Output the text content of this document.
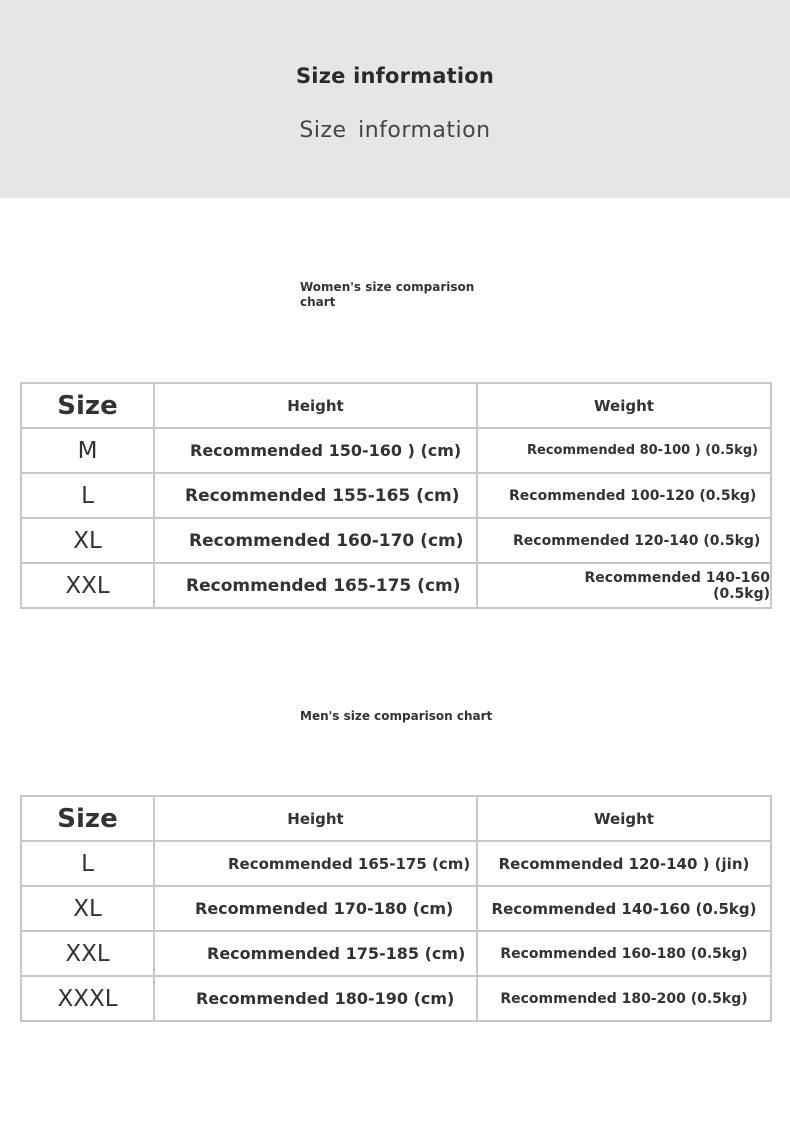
Size information
Size information
Women's size comparison chart
Size	Height	Weight
M	Recommended 150-160 ) (cm)	Recommended 80-100 ) (0.5kg)
L	Recommended 155-165 (cm)	Recommended 100-120 (0.5kg)
XL	Recommended 160-170 (cm)	Recommended 120-140 (0.5kg)
XXL	Recommended 165-175 (cm)	Recommended 140-160
(0.5kg)
Men's size comparison chart
Size	Height	Weight
L	Recommended 165-175 (cm)	Recommended 120-140 ) (jin)
XL	Recommended 170-180 (cm)	Recommended 140-160 (0.5kg)
XXL	Recommended 175-185 (cm)	Recommended 160-180 (0.5kg)
XXXL	Recommended 180-190 (cm)	Recommended 180-200 (0.5kg)
